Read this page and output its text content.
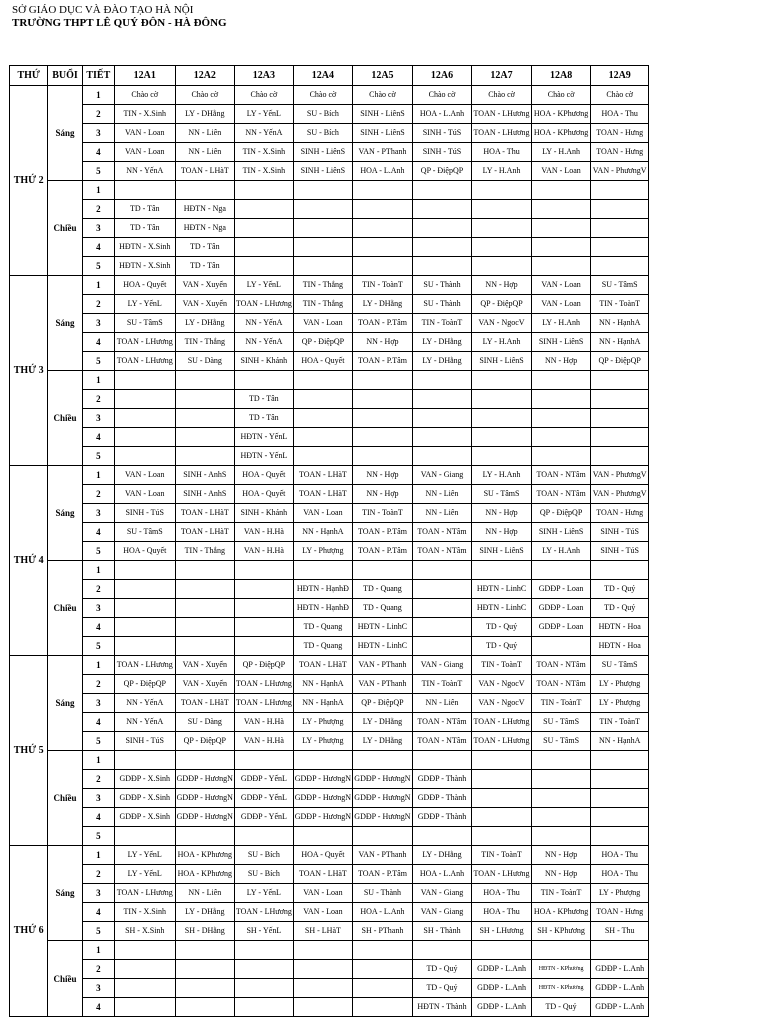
SỞ GIÁO DỤC VÀ ĐÀO TẠO HÀ NỘI
TRƯỜNG THPT LÊ QUÝ ĐÔN - HÀ ĐÔNG
THỨ	BUỔI	TIẾT	12A1	12A2	12A3	12A4	12A5	12A6	12A7	12A8	12A9
THỨ 2	Sáng	1	Chào cờ	Chào cờ	Chào cờ	Chào cờ	Chào cờ	Chào cờ	Chào cờ	Chào cờ	Chào cờ
		2	TIN - X.Sinh	LY - DHằng	LY - YếnL	SU - Bích	SINH - LiênS	HOA - L.Anh	TOAN - LHương	HOA - KPhương	HOA - Thu
		3	VAN - Loan	NN - Liên	NN - YếnA	SU - Bích	SINH - LiênS	SINH - TúS	TOAN - LHương	HOA - KPhương	TOAN - Hưng
		4	VAN - Loan	NN - Liên	TIN - X.Sinh	SINH - LiênS	VAN - PThanh	SINH - TúS	HOA - Thu	LY - H.Anh	TOAN - Hưng
		5	NN - YếnA	TOAN - LHàT	TIN - X.Sinh	SINH - LiênS	HOA - L.Anh	QP - ĐiệpQP	LY - H.Anh	VAN - Loan	VAN - PhươngV
	Chiều	1									
		2	TD - Tân	HĐTN - Nga							
		3	TD - Tân	HĐTN - Nga							
		4	HĐTN - X.Sinh	TD - Tân							
		5	HĐTN - X.Sinh	TD - Tân							
THỨ 3	Sáng	1	HOA - Quyết	VAN - Xuyến	LY - YếnL	TIN - Thắng	TIN - ToànT	SU - Thành	NN - Hợp	VAN - Loan	SU - TâmS
		2	LY - YếnL	VAN - Xuyến	TOAN - LHương	TIN - Thắng	LY - DHằng	SU - Thành	QP - ĐiệpQP	VAN - Loan	TIN - ToànT
		3	SU - TâmS	LY - DHằng	NN - YếnA	VAN - Loan	TOAN - P.Tâm	TIN - ToànT	VAN - NgocV	LY - H.Anh	NN - HạnhA
		4	TOAN - LHương	TIN - Thắng	NN - YếnA	QP - ĐiệpQP	NN - Hợp	LY - DHằng	LY - H.Anh	SINH - LiênS	NN - HạnhA
		5	TOAN - LHương	SU - Dàng	SINH - Khánh	HOA - Quyết	TOAN - P.Tâm	LY - DHằng	SINH - LiênS	NN - Hợp	QP - ĐiệpQP
	Chiều	1									
		2			TD - Tân						
		3			TD - Tân						
		4			HĐTN - YếnL						
		5			HĐTN - YếnL						
THỨ 4	Sáng	1	VAN - Loan	SINH - AnhS	HOA - Quyết	TOAN - LHàT	NN - Hợp	VAN - Giang	LY - H.Anh	TOAN - NTâm	VAN - PhươngV
		2	VAN - Loan	SINH - AnhS	HOA - Quyết	TOAN - LHàT	NN - Hợp	NN - Liên	SU - TâmS	TOAN - NTâm	VAN - PhươngV
		3	SINH - TúS	TOAN - LHàT	SINH - Khánh	VAN - Loan	TIN - ToànT	NN - Liên	NN - Hợp	QP - ĐiệpQP	TOAN - Hưng
		4	SU - TâmS	TOAN - LHàT	VAN - H.Hà	NN - HạnhA	TOAN - P.Tâm	TOAN - NTâm	NN - Hợp	SINH - LiênS	SINH - TúS
		5	HOA - Quyết	TIN - Thắng	VAN - H.Hà	LY - Phượng	TOAN - P.Tâm	TOAN - NTâm	SINH - LiênS	LY - H.Anh	SINH - TúS
	Chiều	1									
		2				HĐTN - HạnhĐ	TD - Quang		HĐTN - LinhC	GDĐP - Loan	TD - Quý
		3				HĐTN - HạnhĐ	TD - Quang		HĐTN - LinhC	GDĐP - Loan	TD - Quý
		4				TD - Quang	HĐTN - LinhC		TD - Quý	GDĐP - Loan	HĐTN - Hoa
		5				TD - Quang	HĐTN - LinhC		TD - Quý		HĐTN - Hoa
THỨ 5	Sáng	1	TOAN - LHương	VAN - Xuyến	QP - ĐiệpQP	TOAN - LHàT	VAN - PThanh	VAN - Giang	TIN - ToànT	TOAN - NTâm	SU - TâmS
		2	QP - ĐiệpQP	VAN - Xuyến	TOAN - LHương	NN - HạnhA	VAN - PThanh	TIN - ToànT	VAN - NgocV	TOAN - NTâm	LY - Phượng
		3	NN - YếnA	TOAN - LHàT	TOAN - LHương	NN - HạnhA	QP - ĐiệpQP	NN - Liên	VAN - NgocV	TIN - ToànT	LY - Phượng
		4	NN - YếnA	SU - Dàng	VAN - H.Hà	LY - Phượng	LY - DHằng	TOAN - NTâm	TOAN - LHương	SU - TâmS	TIN - ToànT
		5	SINH - TúS	QP - ĐiệpQP	VAN - H.Hà	LY - Phượng	LY - DHằng	TOAN - NTâm	TOAN - LHương	SU - TâmS	NN - HạnhA
	Chiều	1									
		2	GDĐP - X.Sinh	GDĐP - HươngN	GDĐP - YếnL	GDĐP - HươngN	GDĐP - HươngN	GDĐP - Thành			
		3	GDĐP - X.Sinh	GDĐP - HươngN	GDĐP - YếnL	GDĐP - HươngN	GDĐP - HươngN	GDĐP - Thành			
		4	GDĐP - X.Sinh	GDĐP - HươngN	GDĐP - YếnL	GDĐP - HươngN	GDĐP - HươngN	GDĐP - Thành			
		5									
THỨ 6	Sáng	1	LY - YếnL	HOA - KPhương	SU - Bích	HOA - Quyết	VAN - PThanh	LY - DHằng	TIN - ToànT	NN - Hợp	HOA - Thu
		2	LY - YếnL	HOA - KPhương	SU - Bích	TOAN - LHàT	TOAN - P.Tâm	HOA - L.Anh	TOAN - LHương	NN - Hợp	HOA - Thu
		3	TOAN - LHương	NN - Liên	LY - YếnL	VAN - Loan	SU - Thành	VAN - Giang	HOA - Thu	TIN - ToànT	LY - Phượng
		4	TIN - X.Sinh	LY - DHằng	TOAN - LHương	VAN - Loan	HOA - L.Anh	VAN - Giang	HOA - Thu	HOA - KPhương	TOAN - Hưng
		5	SH - X.Sinh	SH - DHằng	SH - YếnL	SH - LHàT	SH - PThanh	SH - Thành	SH - LHương	SH - KPhương	SH - Thu
	Chiều	1									
		2						TD - Quý	GDĐP - L.Anh	HĐTN - KPhương	GDĐP - L.Anh
		3						TD - Quý	GDĐP - L.Anh	HĐTN - KPhương	GDĐP - L.Anh
		4						HĐTN - Thành	GDĐP - L.Anh	TD - Quý	GDĐP - L.Anh
